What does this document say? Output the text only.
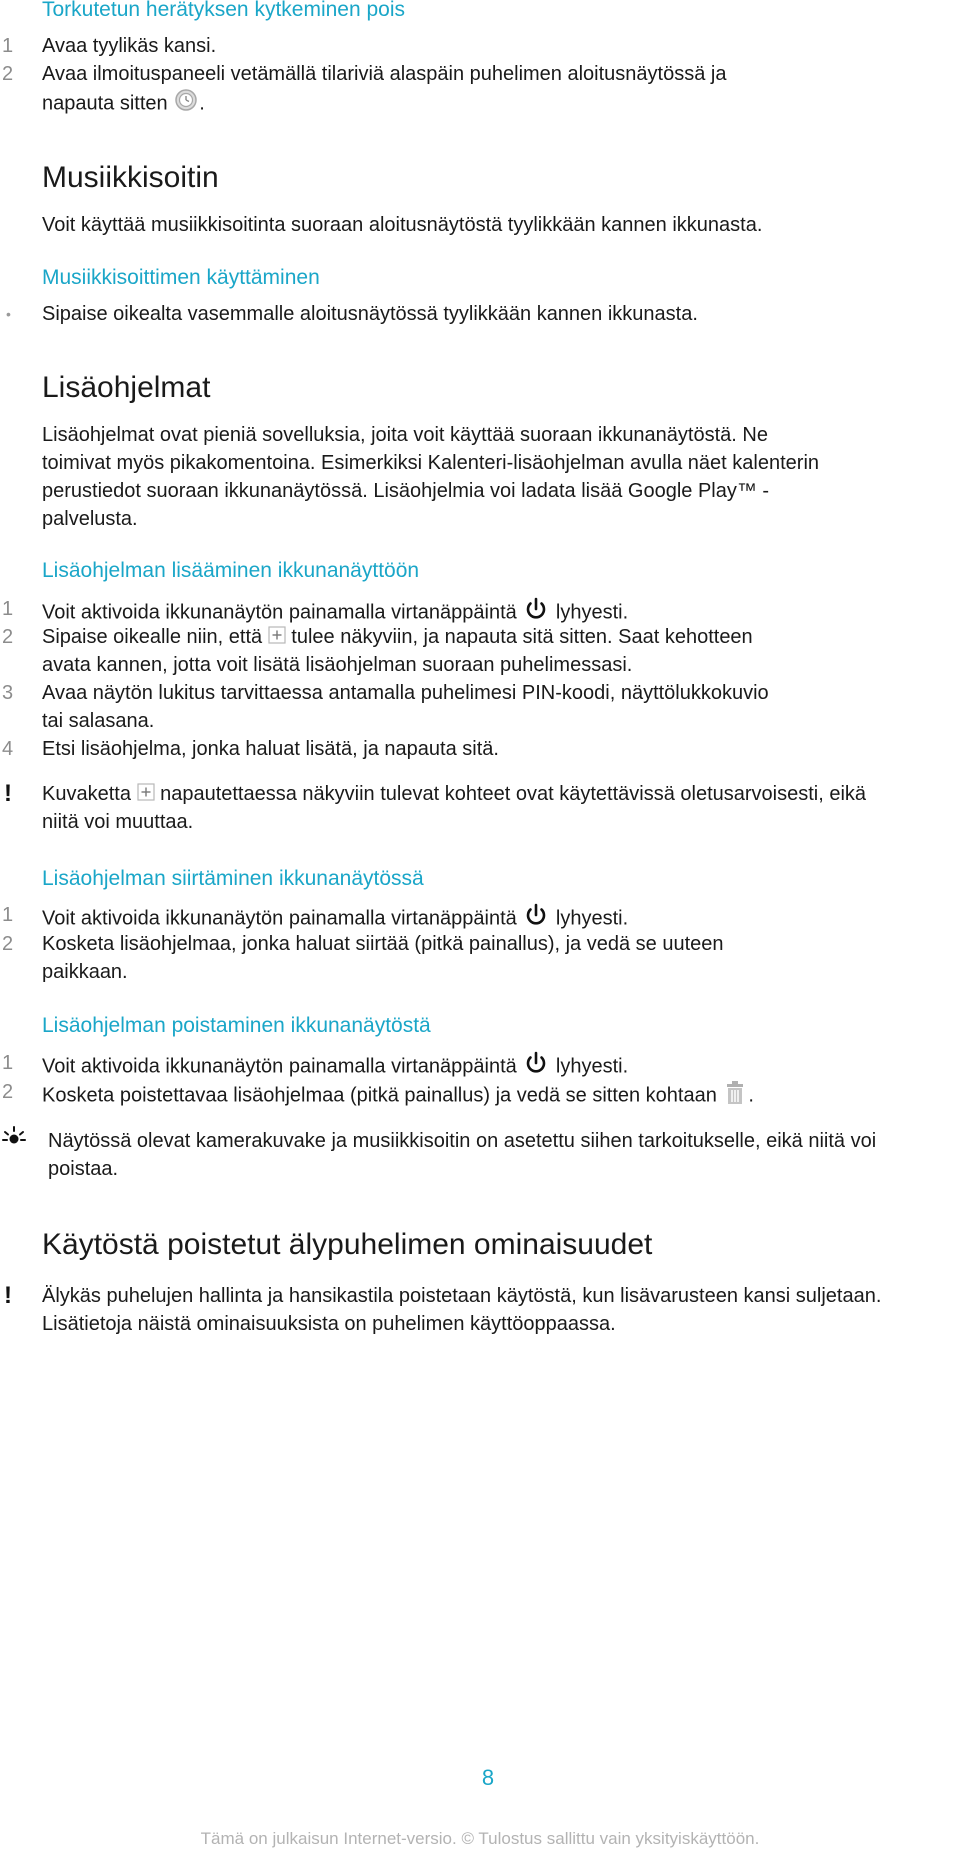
Torkutetun herätyksen kytkeminen pois
1	Avaa tyylikäs kansi.
2	Avaa ilmoituspaneeli vetämällä tilariviä alaspäin puhelimen aloitusnäytössä ja
napauta sitten .
Musiikkisoitin
Voit käyttää musiikkisoitinta suoraan aloitusnäytöstä tyylikkään kannen ikkunasta.
Musiikkisoittimen käyttäminen
• Sipaise oikealta vasemmalle aloitusnäytössä tyylikkään kannen ikkunasta.
Lisäohjelmat
Lisäohjelmat ovat pieniä sovelluksia, joita voit käyttää suoraan ikkunanäytöstä. Ne
toimivat myös pikakomentoina. Esimerkiksi Kalenteri-lisäohjelman avulla näet kalenterin
perustiedot suoraan ikkunanäytössä. Lisäohjelmia voi ladata lisää Google Play™ -
palvelusta.
Lisäohjelman lisääminen ikkunanäyttöön
1	Voit aktivoida ikkunanäytön painamalla virtanäppäintä lyhyesti.
2	Sipaise oikealle niin, että tulee näkyviin, ja napauta sitä sitten. Saat kehotteen
avata kannen, jotta voit lisätä lisäohjelman suoraan puhelimessasi.
3	Avaa näytön lukitus tarvittaessa antamalla puhelimesi PIN-koodi, näyttölukkokuvio
tai salasana.
4	Etsi lisäohjelma, jonka haluat lisätä, ja napauta sitä.
! Kuvaketta napautettaessa näkyviin tulevat kohteet ovat käytettävissä oletusarvoisesti, eikä
niitä voi muuttaa.
Lisäohjelman siirtäminen ikkunanäytössä
1	Voit aktivoida ikkunanäytön painamalla virtanäppäintä lyhyesti.
2	Kosketa lisäohjelmaa, jonka haluat siirtää (pitkä painallus), ja vedä se uuteen
paikkaan.
Lisäohjelman poistaminen ikkunanäytöstä
1	Voit aktivoida ikkunanäytön painamalla virtanäppäintä lyhyesti.
2	Kosketa poistettavaa lisäohjelmaa (pitkä painallus) ja vedä se sitten kohtaan .
Näytössä olevat kamerakuvake ja musiikkisoitin on asetettu siihen tarkoitukselle, eikä niitä voi
poistaa.
Käytöstä poistetut älypuhelimen ominaisuudet
! Älykäs puhelujen hallinta ja hansikastila poistetaan käytöstä, kun lisävarusteen kansi suljetaan.
Lisätietoja näistä ominaisuuksista on puhelimen käyttöoppaassa.
8
Tämä on julkaisun Internet-versio. © Tulostus sallittu vain yksityiskäyttöön.
